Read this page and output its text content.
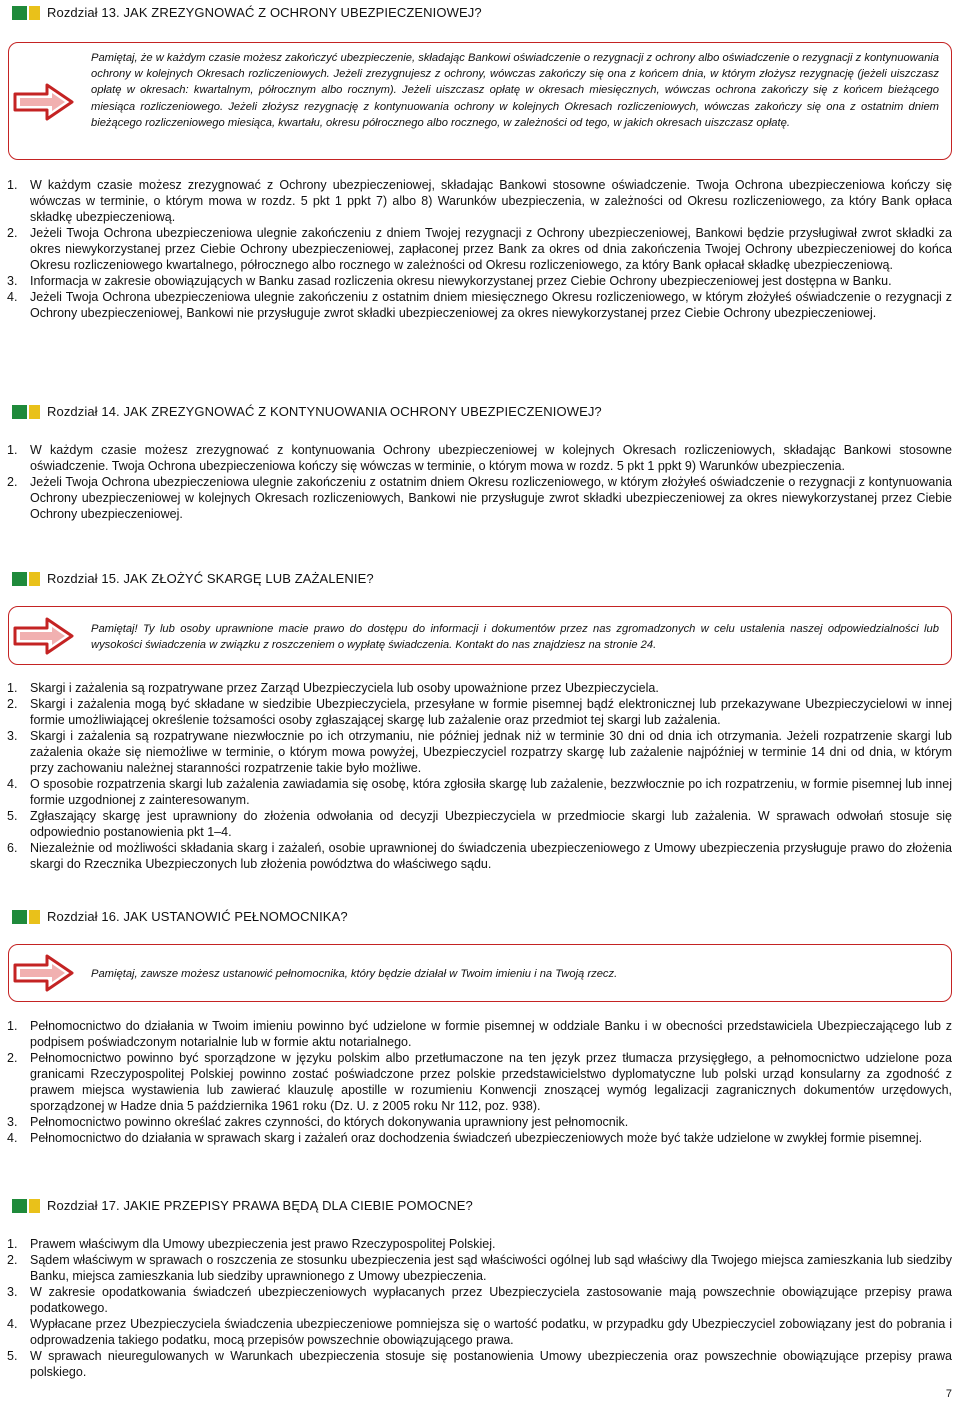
Rozdział 13. JAK ZREZYGNOWAĆ Z OCHRONY UBEZPIECZENIOWEJ?
Pamiętaj, że w każdym czasie możesz zakończyć ubezpieczenie, składając Bankowi oświadczenie o rezygnacji z ochrony albo oświadczenie o rezygnacji z kontynuowania ochrony w kolejnych Okresach rozliczeniowych. Jeżeli zrezygnujesz z ochrony, wówczas zakończy się ona z końcem dnia, w którym złożysz rezygnację (jeżeli uiszczasz opłatę w okresach: kwartalnym, półrocznym albo rocznym). Jeżeli uiszczasz opłatę w okresach miesięcznych, wówczas ochrona zakończy się z końcem bieżącego miesiąca rozliczeniowego. Jeżeli złożysz rezygnację z kontynuowania ochrony w kolejnych Okresach rozliczeniowych, wówczas zakończy się ona z ostatnim dniem bieżącego rozliczeniowego miesiąca, kwartału, okresu półrocznego albo rocznego, w zależności od tego, w jakich okresach uiszczasz opłatę.
1. W każdym czasie możesz zrezygnować z Ochrony ubezpieczeniowej, składając Bankowi stosowne oświadczenie. Twoja Ochrona ubezpieczeniowa kończy się wówczas w terminie, o którym mowa w rozdz. 5 pkt 1 ppkt 7) albo 8) Warunków ubezpieczenia, w zależności od Okresu rozliczeniowego, za który Bank opłaca składkę ubezpieczeniową.
2. Jeżeli Twoja Ochrona ubezpieczeniowa ulegnie zakończeniu z dniem Twojej rezygnacji z Ochrony ubezpieczeniowej, Bankowi będzie przysługiwał zwrot składki za okres niewykorzystanej przez Ciebie Ochrony ubezpieczeniowej, zapłaconej przez Bank za okres od dnia zakończenia Twojej Ochrony ubezpieczeniowej do końca Okresu rozliczeniowego kwartalnego, półrocznego albo rocznego w zależności od Okresu rozliczeniowego, za który Bank opłacał składkę ubezpieczeniową.
3. Informacja w zakresie obowiązujących w Banku zasad rozliczenia okresu niewykorzystanej przez Ciebie Ochrony ubezpieczeniowej jest dostępna w Banku.
4. Jeżeli Twoja Ochrona ubezpieczeniowa ulegnie zakończeniu z ostatnim dniem miesięcznego Okresu rozliczeniowego, w którym złożyłeś oświadczenie o rezygnacji z Ochrony ubezpieczeniowej, Bankowi nie przysługuje zwrot składki ubezpieczeniowej za okres niewykorzystanej przez Ciebie Ochrony ubezpieczeniowej.
Rozdział 14. JAK ZREZYGNOWAĆ Z KONTYNUOWANIA OCHRONY UBEZPIECZENIOWEJ?
1. W każdym czasie możesz zrezygnować z kontynuowania Ochrony ubezpieczeniowej w kolejnych Okresach rozliczeniowych, składając Bankowi stosowne oświadczenie. Twoja Ochrona ubezpieczeniowa kończy się wówczas w terminie, o którym mowa w rozdz. 5 pkt 1 ppkt 9) Warunków ubezpieczenia.
2. Jeżeli Twoja Ochrona ubezpieczeniowa ulegnie zakończeniu z ostatnim dniem Okresu rozliczeniowego, w którym złożyłeś oświadczenie o rezygnacji z kontynuowania Ochrony ubezpieczeniowej w kolejnych Okresach rozliczeniowych, Bankowi nie przysługuje zwrot składki ubezpieczeniowej za okres niewykorzystanej przez Ciebie Ochrony ubezpieczeniowej.
Rozdział 15. JAK ZŁOŻYĆ SKARGĘ LUB ZAŻALENIE?
Pamiętaj! Ty lub osoby uprawnione macie prawo do dostępu do informacji i dokumentów przez nas zgromadzonych w celu ustalenia naszej odpowiedzialności lub wysokości świadczenia w związku z roszczeniem o wypłatę świadczenia. Kontakt do nas znajdziesz na stronie 24.
1. Skargi i zażalenia są rozpatrywane przez Zarząd Ubezpieczyciela lub osoby upoważnione przez Ubezpieczyciela.
2. Skargi i zażalenia mogą być składane w siedzibie Ubezpieczyciela, przesyłane w formie pisemnej bądź elektronicznej lub przekazywane Ubezpieczycielowi w innej formie umożliwiającej określenie tożsamości osoby zgłaszającej skargę lub zażalenie oraz przedmiot tej skargi lub zażalenia.
3. Skargi i zażalenia są rozpatrywane niezwłocznie po ich otrzymaniu, nie później jednak niż w terminie 30 dni od dnia ich otrzymania. Jeżeli rozpatrzenie skargi lub zażalenia okaże się niemożliwe w terminie, o którym mowa powyżej, Ubezpieczyciel rozpatrzy skargę lub zażalenie najpóźniej w terminie 14 dni od dnia, w którym przy zachowaniu należnej staranności rozpatrzenie takie było możliwe.
4. O sposobie rozpatrzenia skargi lub zażalenia zawiadamia się osobę, która zgłosiła skargę lub zażalenie, bezzwłocznie po ich rozpatrzeniu, w formie pisemnej lub innej formie uzgodnionej z zainteresowanym.
5. Zgłaszający skargę jest uprawniony do złożenia odwołania od decyzji Ubezpieczyciela w przedmiocie skargi lub zażalenia. W sprawach odwołań stosuje się odpowiednio postanowienia pkt 1–4.
6. Niezależnie od możliwości składania skarg i zażaleń, osobie uprawnionej do świadczenia ubezpieczeniowego z Umowy ubezpieczenia przysługuje prawo do złożenia skargi do Rzecznika Ubezpieczonych lub złożenia powództwa do właściwego sądu.
Rozdział 16. JAK USTANOWIĆ PEŁNOMOCNIKA?
Pamiętaj, zawsze możesz ustanowić pełnomocnika, który będzie działał w Twoim imieniu i na Twoją rzecz.
1. Pełnomocnictwo do działania w Twoim imieniu powinno być udzielone w formie pisemnej w oddziale Banku i w obecności przedstawiciela Ubezpieczającego lub z podpisem poświadczonym notarialnie lub w formie aktu notarialnego.
2. Pełnomocnictwo powinno być sporządzone w języku polskim albo przetłumaczone na ten język przez tłumacza przysięgłego, a pełnomocnictwo udzielone poza granicami Rzeczypospolitej Polskiej powinno zostać poświadczone przez polskie przedstawicielstwo dyplomatyczne lub polski urząd konsularny za zgodność z prawem miejsca wystawienia lub zawierać klauzulę apostille w rozumieniu Konwencji znoszącej wymóg legalizacji zagranicznych dokumentów urzędowych, sporządzonej w Hadze dnia 5 października 1961 roku (Dz. U. z 2005 roku Nr 112, poz. 938).
3. Pełnomocnictwo powinno określać zakres czynności, do których dokonywania uprawniony jest pełnomocnik.
4. Pełnomocnictwo do działania w sprawach skarg i zażaleń oraz dochodzenia świadczeń ubezpieczeniowych może być także udzielone w zwykłej formie pisemnej.
Rozdział 17. JAKIE PRZEPISY PRAWA BĘDĄ DLA CIEBIE POMOCNE?
1. Prawem właściwym dla Umowy ubezpieczenia jest prawo Rzeczypospolitej Polskiej.
2. Sądem właściwym w sprawach o roszczenia ze stosunku ubezpieczenia jest sąd właściwości ogólnej lub sąd właściwy dla Twojego miejsca zamieszkania lub siedziby Banku, miejsca zamieszkania lub siedziby uprawnionego z Umowy ubezpieczenia.
3. W zakresie opodatkowania świadczeń ubezpieczeniowych wypłacanych przez Ubezpieczyciela zastosowanie mają powszechnie obowiązujące przepisy prawa podatkowego.
4. Wypłacane przez Ubezpieczyciela świadczenia ubezpieczeniowe pomniejsza się o wartość podatku, w przypadku gdy Ubezpieczyciel zobowiązany jest do pobrania i odprowadzenia takiego podatku, mocą przepisów powszechnie obowiązującego prawa.
5. W sprawach nieuregulowanych w Warunkach ubezpieczenia stosuje się postanowienia Umowy ubezpieczenia oraz powszechnie obowiązujące przepisy prawa polskiego.
7
